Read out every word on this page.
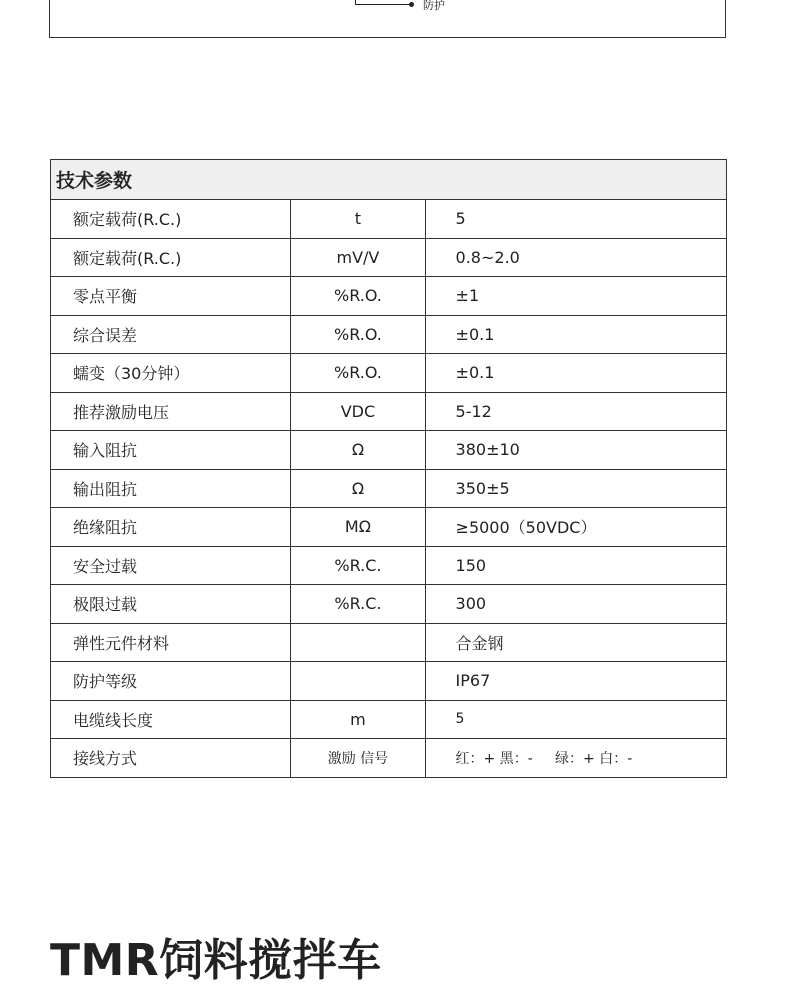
防护
技术参数		
额定载荷(R.C.)	t	5
额定载荷(R.C.)	mV/V	0.8~2.0
零点平衡	%R.O.	±1
综合误差	%R.O.	±0.1
蠕变（30分钟）	%R.O.	±0.1
推荐激励电压	VDC	5-12
输入阻抗	Ω	380±10
输出阻抗	Ω	350±5
绝缘阻抗	MΩ	≥5000（50VDC）
安全过载	%R.C.	150
极限过载	%R.C.	300
弹性元件材料		合金钢
防护等级		IP67
电缆线长度	m	5
接线方式	激励 信号	红：+ 黑：-     绿：+ 白：-
TMR饲料搅拌车
